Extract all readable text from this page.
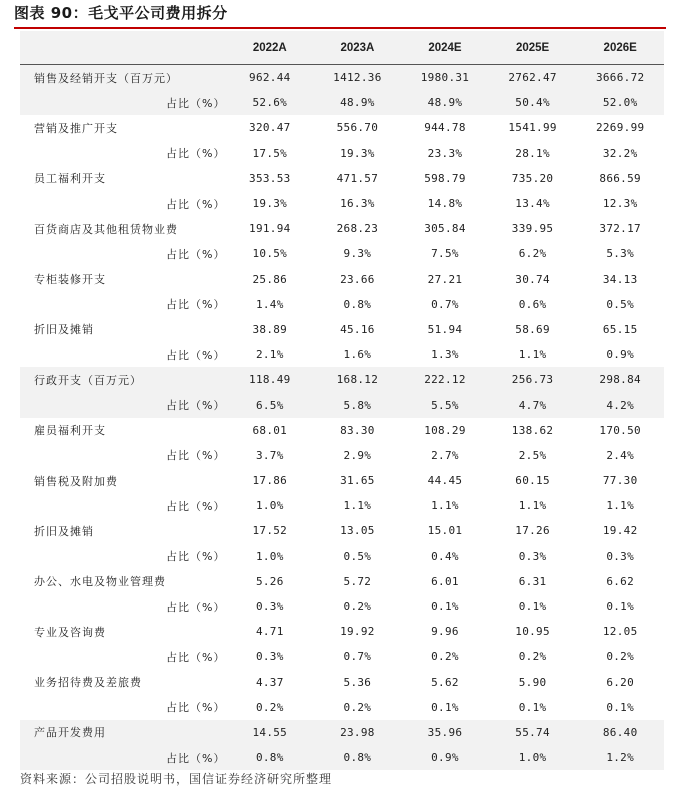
图表 90：毛戈平公司费用拆分
	2022A	2023A	2024E	2025E	2026E
销售及经销开支（百万元）	962.44	1412.36	1980.31	2762.47	3666.72
占比（%）	52.6%	48.9%	48.9%	50.4%	52.0%
营销及推广开支	320.47	556.70	944.78	1541.99	2269.99
占比（%）	17.5%	19.3%	23.3%	28.1%	32.2%
员工福利开支	353.53	471.57	598.79	735.20	866.59
占比（%）	19.3%	16.3%	14.8%	13.4%	12.3%
百货商店及其他租赁物业费	191.94	268.23	305.84	339.95	372.17
占比（%）	10.5%	9.3%	7.5%	6.2%	5.3%
专柜装修开支	25.86	23.66	27.21	30.74	34.13
占比（%）	1.4%	0.8%	0.7%	0.6%	0.5%
折旧及摊销	38.89	45.16	51.94	58.69	65.15
占比（%）	2.1%	1.6%	1.3%	1.1%	0.9%
行政开支（百万元）	118.49	168.12	222.12	256.73	298.84
占比（%）	6.5%	5.8%	5.5%	4.7%	4.2%
雇员福利开支	68.01	83.30	108.29	138.62	170.50
占比（%）	3.7%	2.9%	2.7%	2.5%	2.4%
销售税及附加费	17.86	31.65	44.45	60.15	77.30
占比（%）	1.0%	1.1%	1.1%	1.1%	1.1%
折旧及摊销	17.52	13.05	15.01	17.26	19.42
占比（%）	1.0%	0.5%	0.4%	0.3%	0.3%
办公、水电及物业管理费	5.26	5.72	6.01	6.31	6.62
占比（%）	0.3%	0.2%	0.1%	0.1%	0.1%
专业及咨询费	4.71	19.92	9.96	10.95	12.05
占比（%）	0.3%	0.7%	0.2%	0.2%	0.2%
业务招待费及差旅费	4.37	5.36	5.62	5.90	6.20
占比（%）	0.2%	0.2%	0.1%	0.1%	0.1%
产品开发费用	14.55	23.98	35.96	55.74	86.40
占比（%）	0.8%	0.8%	0.9%	1.0%	1.2%
资料来源：公司招股说明书，国信证券经济研究所整理
